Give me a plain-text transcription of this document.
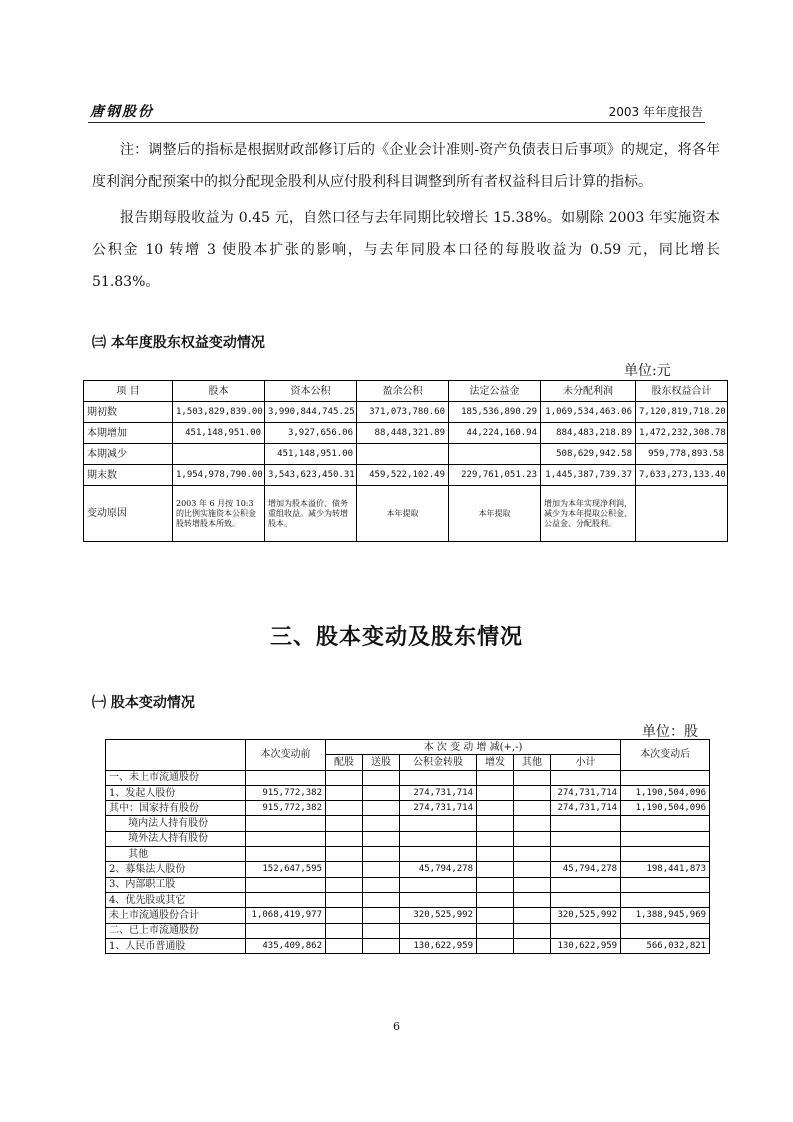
唐钢股份	2003 年年度报告

注：调整后的指标是根据财政部修订后的《企业会计准则-资产负债表日后事项》的规定，将各年度利润分配预案中的拟分配现金股利从应付股利科目调整到所有者权益科目后计算的指标。

报告期每股收益为 0.45 元，自然口径与去年同期比较增长 15.38%。如剔除 2003 年实施资本公积金 10 转增 3 使股本扩张的影响，与去年同股本口径的每股收益为 0.59 元，同比增长 51.83%。

㈢ 本年度股东权益变动情况
单位:元
项 目	股本	资本公积	盈余公积	法定公益金	未分配利润	股东权益合计
期初数	1,503,829,839.00	3,990,844,745.25	371,073,780.60	185,536,890.29	1,069,534,463.06	7,120,819,718.20
本期增加	451,148,951.00	3,927,656.06	88,448,321.89	44,224,160.94	884,483,218.89	1,472,232,308.78
本期减少		451,148,951.00			508,629,942.58	959,778,893.58
期末数	1,954,978,790.00	3,543,623,450.31	459,522,102.49	229,761,051.23	1,445,387,739.37	7,633,273,133.40
变动原因	2003 年 6 月按 10:3 的比例实施资本公积金股转增股本所致。	增加为股本溢价、债务重组收益。减少为转增股本。	本年提取	本年提取	增加为本年实现净利润，减少为本年提取公积金、公益金、分配股利。	
三、股本变动及股东情况
㈠ 股本变动情况
单位：股
	本次变动前	本 次 变 动 增 减(+,-)						本次变动后
		配股	送股	公积金转股	增发	其他	小计	
一、未上市流通股份								
1、发起人股份	915,772,382			274,731,714			274,731,714	1,190,504,096
其中：国家持有股份	915,772,382			274,731,714			274,731,714	1,190,504,096
境内法人持有股份								
境外法人持有股份								
其他								
2、募集法人股份	152,647,595			45,794,278			45,794,278	198,441,873
3、内部职工股								
4、优先股或其它								
未上市流通股份合计	1,068,419,977			320,525,992			320,525,992	1,388,945,969
二、已上市流通股份								
1、人民币普通股	435,409,862			130,622,959			130,622,959	566,032,821
6
